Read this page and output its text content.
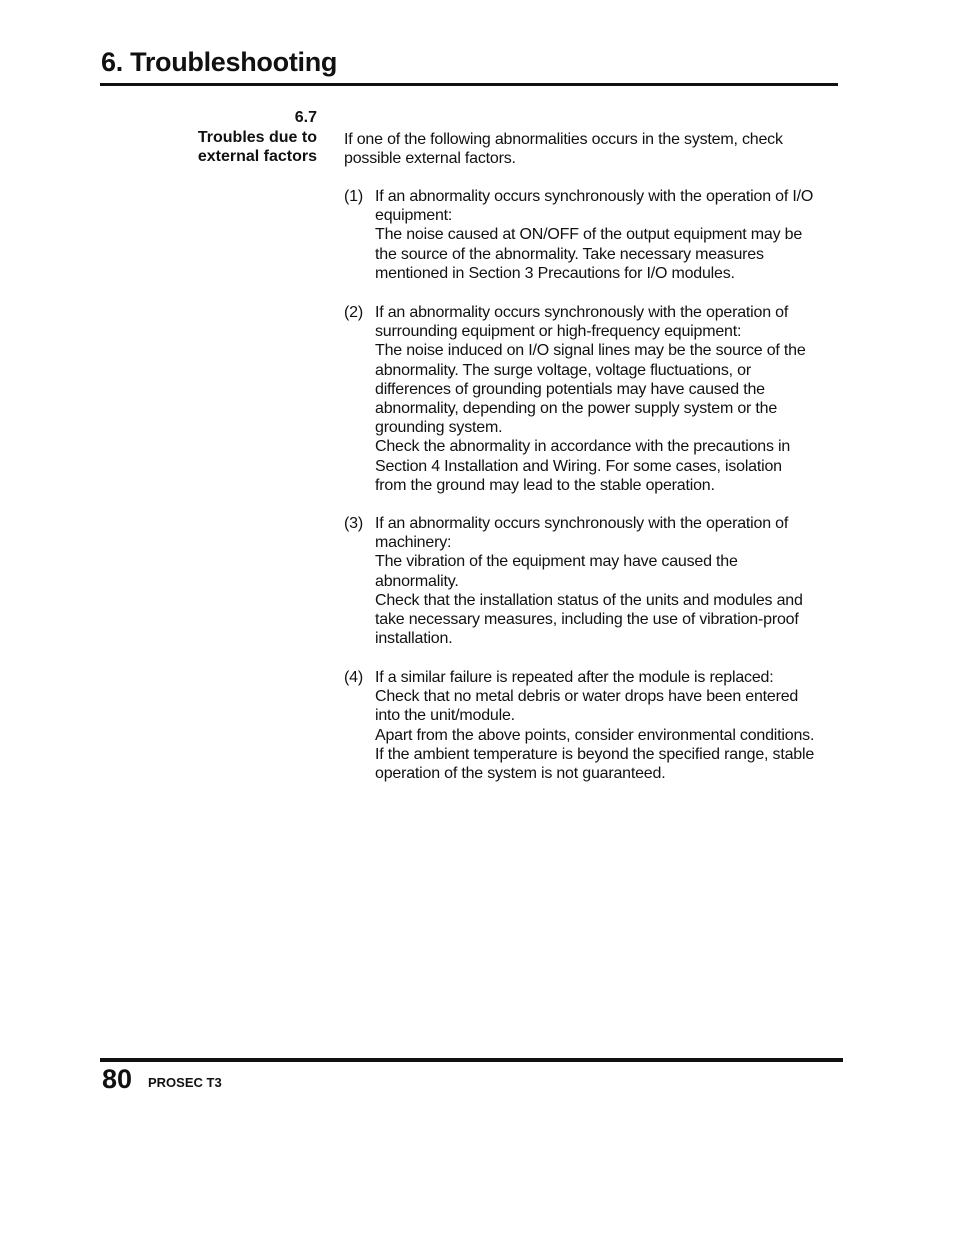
6. Troubleshooting
6.7
Troubles due to
external factors
If one of the following abnormalities occurs in the system, check
possible external factors.
(1) If an abnormality occurs synchronously with the operation of I/O
equipment:
The noise caused at ON/OFF of the output equipment may be
the source of the abnormality. Take necessary measures
mentioned in Section 3 Precautions for I/O modules.
(2) If an abnormality occurs synchronously with the operation of
surrounding equipment or high-frequency equipment:
The noise induced on I/O signal lines may be the source of the
abnormality. The surge voltage, voltage fluctuations, or
differences of grounding potentials may have caused the
abnormality, depending on the power supply system or the
grounding system.
Check the abnormality in accordance with the precautions in
Section 4 Installation and Wiring. For some cases, isolation
from the ground may lead to the stable operation.
(3) If an abnormality occurs synchronously with the operation of
machinery:
The vibration of the equipment may have caused the
abnormality.
Check that the installation status of the units and modules and
take necessary measures, including the use of vibration-proof
installation.
(4) If a similar failure is repeated after the module is replaced:
Check that no metal debris or water drops have been entered
into the unit/module.
Apart from the above points, consider environmental conditions.
If the ambient temperature is beyond the specified range, stable
operation of the system is not guaranteed.
80 PROSEC T3
